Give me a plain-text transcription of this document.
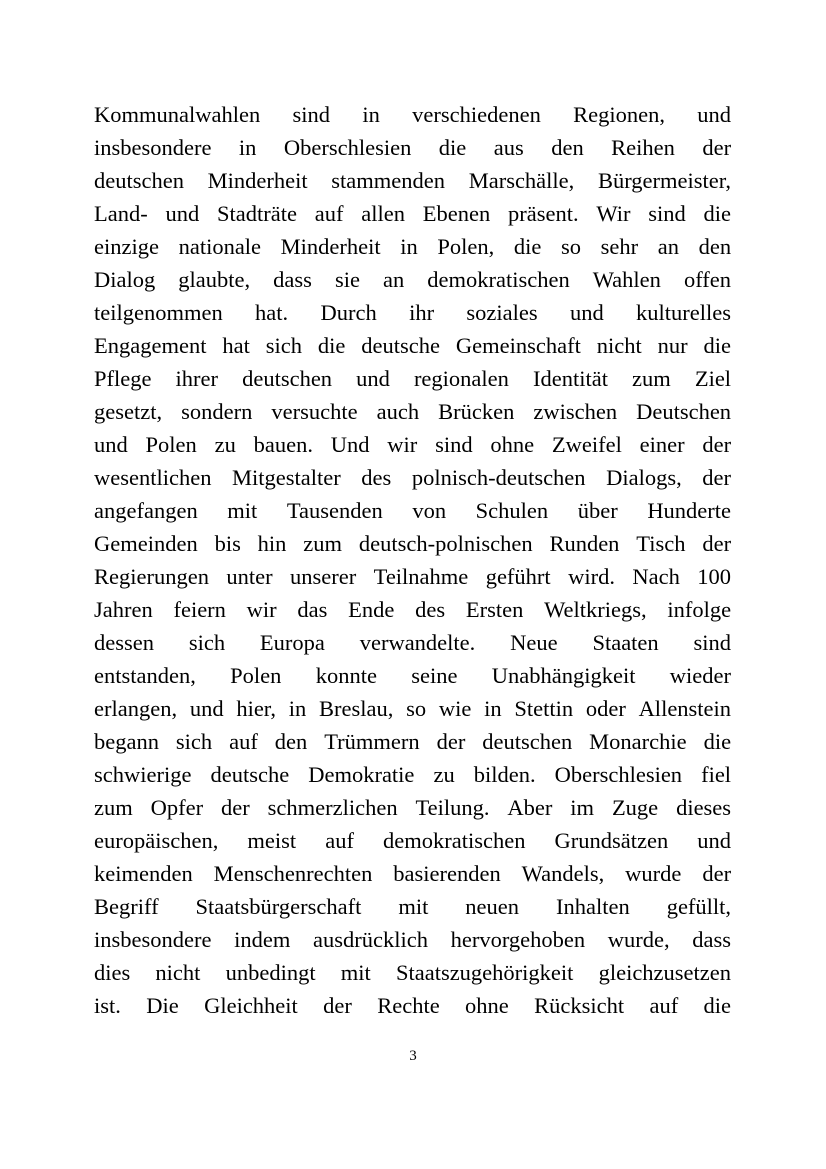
Kommunalwahlen sind in verschiedenen Regionen, und
insbesondere in Oberschlesien die aus den Reihen der
deutschen Minderheit stammenden Marschälle, Bürgermeister,
Land- und Stadträte auf allen Ebenen präsent. Wir sind die
einzige nationale Minderheit in Polen, die so sehr an den
Dialog glaubte, dass sie an demokratischen Wahlen offen
teilgenommen hat. Durch ihr soziales und kulturelles
Engagement hat sich die deutsche Gemeinschaft nicht nur die
Pflege ihrer deutschen und regionalen Identität zum Ziel
gesetzt, sondern versuchte auch Brücken zwischen Deutschen
und Polen zu bauen. Und wir sind ohne Zweifel einer der
wesentlichen Mitgestalter des polnisch-deutschen Dialogs, der
angefangen mit Tausenden von Schulen über Hunderte
Gemeinden bis hin zum deutsch-polnischen Runden Tisch der
Regierungen unter unserer Teilnahme geführt wird. Nach 100
Jahren feiern wir das Ende des Ersten Weltkriegs, infolge
dessen sich Europa verwandelte. Neue Staaten sind
entstanden, Polen konnte seine Unabhängigkeit wieder
erlangen, und hier, in Breslau, so wie in Stettin oder Allenstein
begann sich auf den Trümmern der deutschen Monarchie die
schwierige deutsche Demokratie zu bilden. Oberschlesien fiel
zum Opfer der schmerzlichen Teilung. Aber im Zuge dieses
europäischen, meist auf demokratischen Grundsätzen und
keimenden Menschenrechten basierenden Wandels, wurde der
Begriff Staatsbürgerschaft mit neuen Inhalten gefüllt,
insbesondere indem ausdrücklich hervorgehoben wurde, dass
dies nicht unbedingt mit Staatszugehörigkeit gleichzusetzen
ist. Die Gleichheit der Rechte ohne Rücksicht auf die
3
